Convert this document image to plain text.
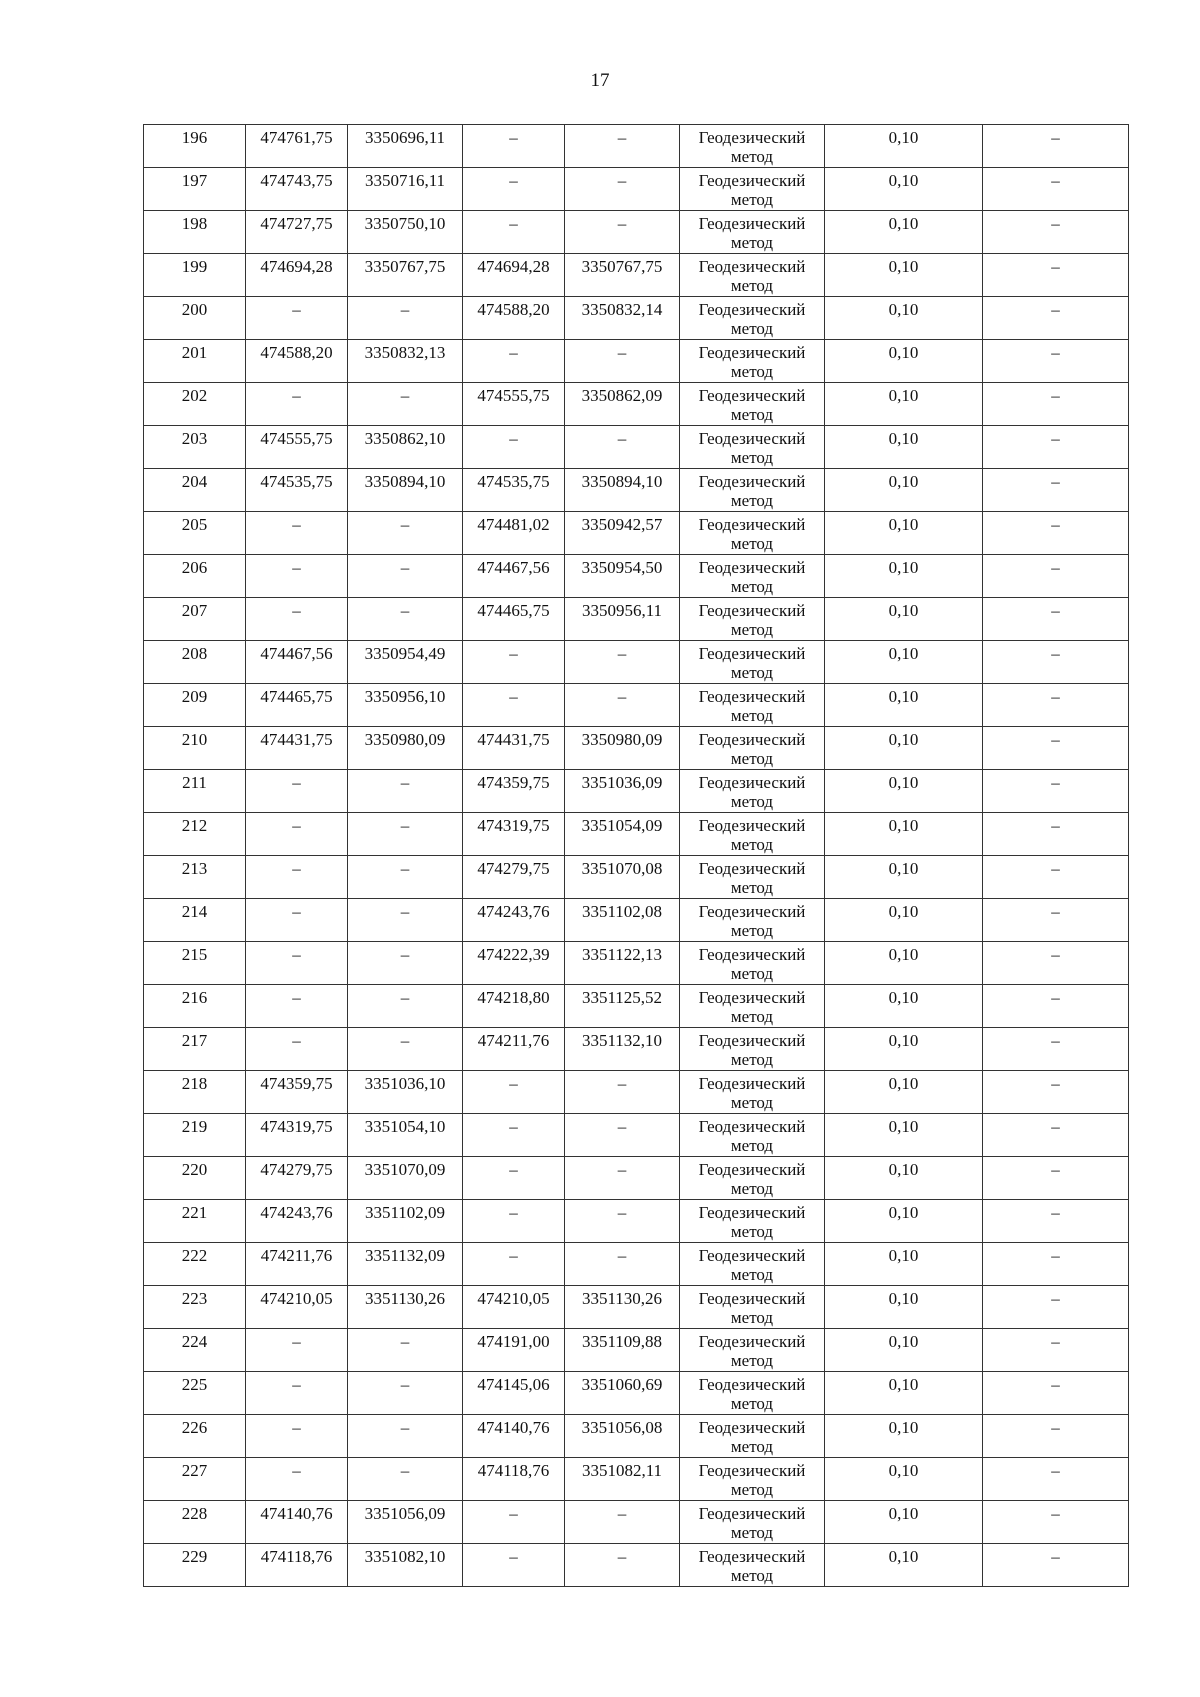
17
196	474761,75	3350696,11	–	–	Геодезический
метод	0,10	–

197	474743,75	3350716,11	–	–	Геодезический
метод	0,10	–

198	474727,75	3350750,10	–	–	Геодезический
метод	0,10	–

199	474694,28	3350767,75	474694,28	3350767,75	Геодезический
метод	0,10	–

200	–	–	474588,20	3350832,14	Геодезический
метод	0,10	–

201	474588,20	3350832,13	–	–	Геодезический
метод	0,10	–

202	–	–	474555,75	3350862,09	Геодезический
метод	0,10	–

203	474555,75	3350862,10	–	–	Геодезический
метод	0,10	–

204	474535,75	3350894,10	474535,75	3350894,10	Геодезический
метод	0,10	–

205	–	–	474481,02	3350942,57	Геодезический
метод	0,10	–

206	–	–	474467,56	3350954,50	Геодезический
метод	0,10	–

207	–	–	474465,75	3350956,11	Геодезический
метод	0,10	–

208	474467,56	3350954,49	–	–	Геодезический
метод	0,10	–

209	474465,75	3350956,10	–	–	Геодезический
метод	0,10	–

210	474431,75	3350980,09	474431,75	3350980,09	Геодезический
метод	0,10	–

211	–	–	474359,75	3351036,09	Геодезический
метод	0,10	–

212	–	–	474319,75	3351054,09	Геодезический
метод	0,10	–

213	–	–	474279,75	3351070,08	Геодезический
метод	0,10	–

214	–	–	474243,76	3351102,08	Геодезический
метод	0,10	–

215	–	–	474222,39	3351122,13	Геодезический
метод	0,10	–

216	–	–	474218,80	3351125,52	Геодезический
метод	0,10	–

217	–	–	474211,76	3351132,10	Геодезический
метод	0,10	–

218	474359,75	3351036,10	–	–	Геодезический
метод	0,10	–

219	474319,75	3351054,10	–	–	Геодезический
метод	0,10	–

220	474279,75	3351070,09	–	–	Геодезический
метод	0,10	–

221	474243,76	3351102,09	–	–	Геодезический
метод	0,10	–

222	474211,76	3351132,09	–	–	Геодезический
метод	0,10	–

223	474210,05	3351130,26	474210,05	3351130,26	Геодезический
метод	0,10	–

224	–	–	474191,00	3351109,88	Геодезический
метод	0,10	–

225	–	–	474145,06	3351060,69	Геодезический
метод	0,10	–

226	–	–	474140,76	3351056,08	Геодезический
метод	0,10	–

227	–	–	474118,76	3351082,11	Геодезический
метод	0,10	–

228	474140,76	3351056,09	–	–	Геодезический
метод	0,10	–

229	474118,76	3351082,10	–	–	Геодезический
метод	0,10	–
